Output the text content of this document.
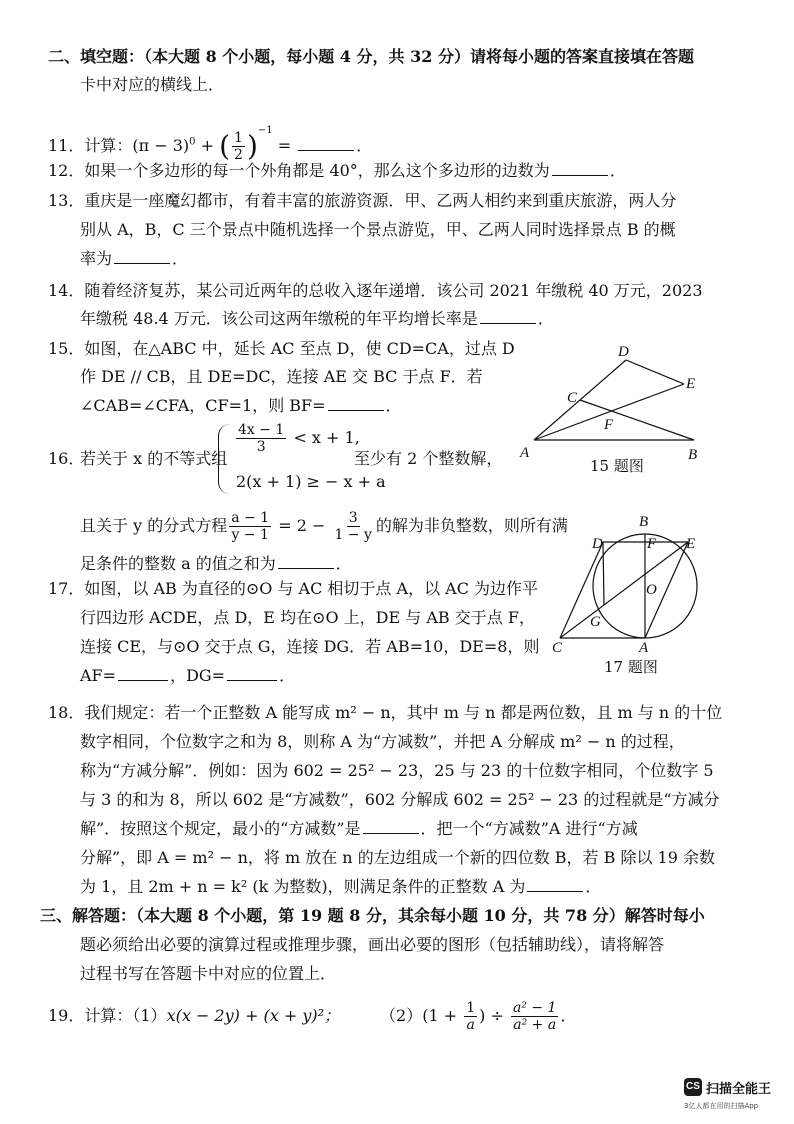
二、填空题：（本大题 8 个小题，每小题 4 分，共 32 分）请将每小题的答案直接填在答题
卡中对应的横线上．
11．计算：$(\pi - 3)^0$ + ( $\frac{1}{2} )^{-1}$ =	．
12．如果一个多边形的每一个外角都是 40°，那么这个多边形的边数为	．
13．重庆是一座魔幻都市，有着丰富的旅游资源．甲、乙两人相约来到重庆旅游，两人分
别从 A，B，C 三个景点中随机选择一个景点游览，甲、乙两人同时选择景点 B 的概
率为	．
14．随着经济复苏，某公司近两年的总收入逐年递增．该公司 2021 年缴税 40 万元，2023
年缴税 48.4 万元．该公司这两年缴税的年平均增长率是	．
15．如图，在△ABC 中，延长 AC 至点 D，使 CD=CA，过点 D
作 DE // CB，且 DE=DC，连接 AE 交 BC 于点 F．若
∠CAB=∠CFA，CF=1，则 BF=	．
A	B
C
D
E
F
15 题图
16．
若关于 x 的不等式组
$\frac{4x - 1}{3} < x + 1$,
2(x + 1) ≥ − x + a
至少有 2 个整数解，
且关于 y 的分式方程 $\frac{a - 1}{y - 1} = 2 - \frac{3}{1 - y}$ 的解为非负整数，则所有满
足条件的整数 a 的值之和为	．
17．如图，以 AB 为直径的⊙O 与 AC 相切于点 A，以 AC 为边作平
行四边形 ACDE，点 D，E 均在⊙O 上，DE 与 AB 交于点 F，
连接 CE，与⊙O 交于点 G，连接 DG．若 AB=10，DE=8，则
AF=	，DG=	．
B
D	F E
O
G
C	A
17 题图
18．我们规定：若一个正整数 A 能写成 m² − n，其中 m 与 n 都是两位数，且 m 与 n 的十位
数字相同，个位数字之和为 8，则称 A 为“方减数”，并把 A 分解成 m² − n 的过程，
称为“方减分解”．例如：因为 602 = 25² − 23，25 与 23 的十位数字相同，个位数字 5
与 3 的和为 8，所以 602 是“方减数”，602 分解成 602 = 25² − 23 的过程就是“方减分
解”．按照这个规定，最小的“方减数”是	．把一个“方减数”A 进行“方减
分解”，即 A = m² − n，将 m 放在 n 的左边组成一个新的四位数 B，若 B 除以 19 余数
为 1，且 2m + n = k² (k 为整数)，则满足条件的正整数 A 为	．
三、解答题：（本大题 8 个小题，第 19 题 8 分，其余每小题 10 分，共 78 分）解答时每小
题必须给出必要的演算过程或推理步骤，画出必要的图形（包括辅助线），请将解答
过程书写在答题卡中对应的位置上．
19．计算：（1）x(x − 2y) + (x + y)²；	$(2)(1 + \frac{1}{a}$ ) ÷ $\frac{\text{a² − 1}}{\text{a² + a}}$ ．
CS 扫描全能王
3亿人都在用的扫描App
